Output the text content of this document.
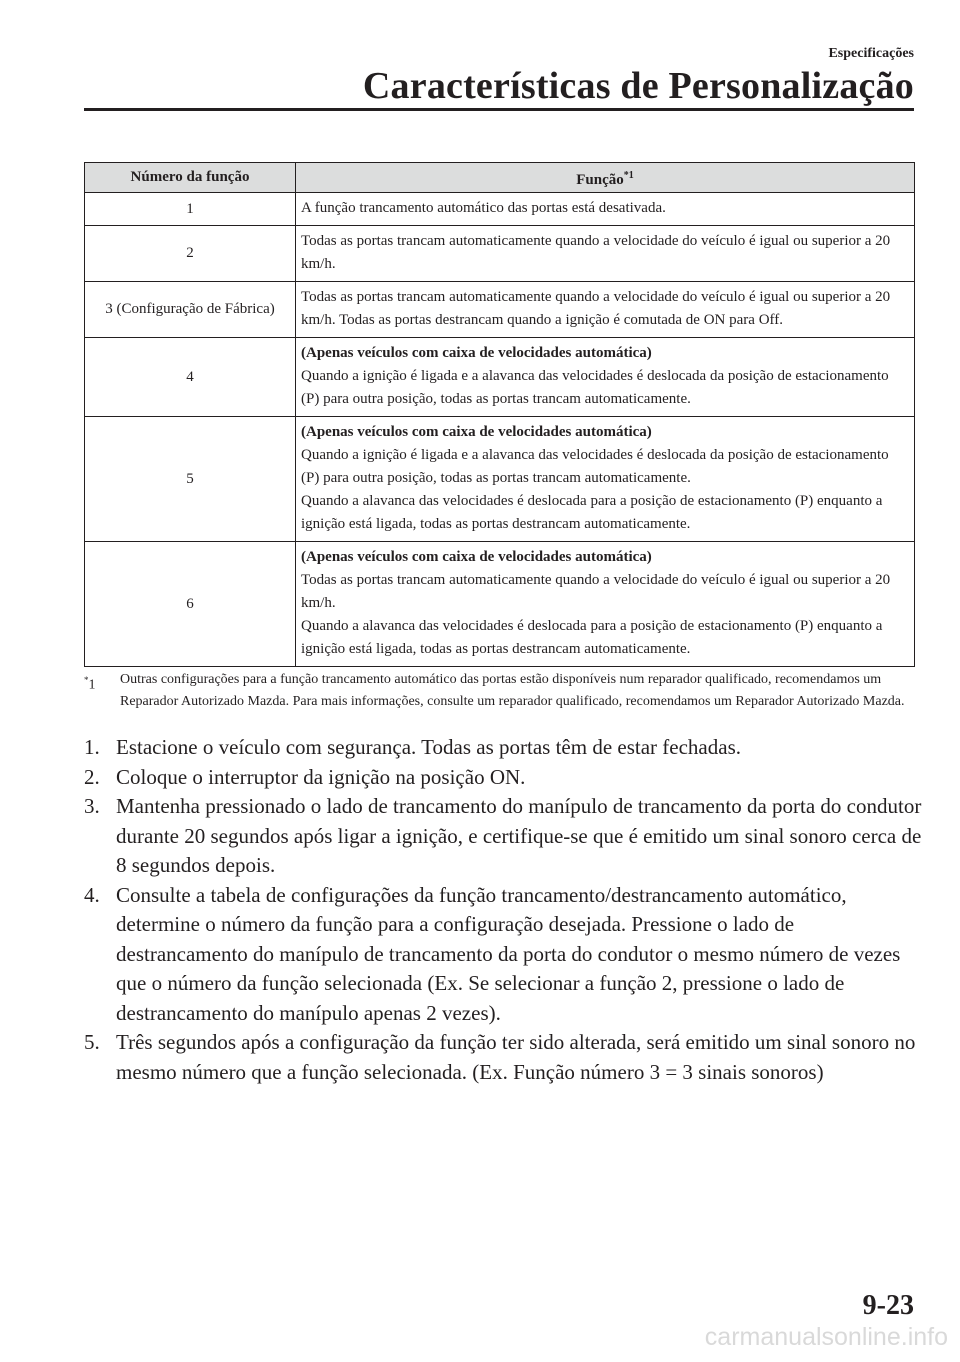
Especificações
Características de Personalização
Número da função	Função$^{*1}$
1	A função trancamento automático das portas está desativada.

2	Todas as portas trancam automaticamente quando a velocidade do veículo é igual ou superior a 20 km/h.

3 (Configuração de Fábrica)	Todas as portas trancam automaticamente quando a velocidade do veículo é igual ou superior a 20 km/h. Todas as portas destrancam quando a ignição é comutada de ON para Off.

4	(Apenas veículos com caixa de velocidades automática)
Quando a ignição é ligada e a alavanca das velocidades é deslocada da posição de estacionamento (P) para outra posição, todas as portas trancam automaticamente.

5	(Apenas veículos com caixa de velocidades automática)
Quando a ignição é ligada e a alavanca das velocidades é deslocada da posição de estacionamento (P) para outra posição, todas as portas trancam automaticamente.
Quando a alavanca das velocidades é deslocada para a posição de estacionamento (P) enquanto a ignição está ligada, todas as portas destrancam automaticamente.

6	(Apenas veículos com caixa de velocidades automática)
Todas as portas trancam automaticamente quando a velocidade do veículo é igual ou superior a 20 km/h.
Quando a alavanca das velocidades é deslocada para a posição de estacionamento (P) enquanto a ignição está ligada, todas as portas destrancam automaticamente.
*1 Outras configurações para a função trancamento automático das portas estão disponíveis num reparador qualificado, recomendamos um Reparador Autorizado Mazda. Para mais informações, consulte um reparador qualificado, recomendamos um Reparador Autorizado Mazda.
1. Estacione o veículo com segurança. Todas as portas têm de estar fechadas.
2. Coloque o interruptor da ignição na posição ON.
3. Mantenha pressionado o lado de trancamento do manípulo de trancamento da porta do condutor durante 20 segundos após ligar a ignição, e certifique-se que é emitido um sinal sonoro cerca de 8 segundos depois.
4. Consulte a tabela de configurações da função trancamento/destrancamento automático, determine o número da função para a configuração desejada. Pressione o lado de destrancamento do manípulo de trancamento da porta do condutor o mesmo número de vezes que o número da função selecionada (Ex. Se selecionar a função 2, pressione o lado de destrancamento do manípulo apenas 2 vezes).
5. Três segundos após a configuração da função ter sido alterada, será emitido um sinal sonoro no mesmo número que a função selecionada. (Ex. Função número 3 = 3 sinais sonoros)
9-23
carmanualsonline.info
